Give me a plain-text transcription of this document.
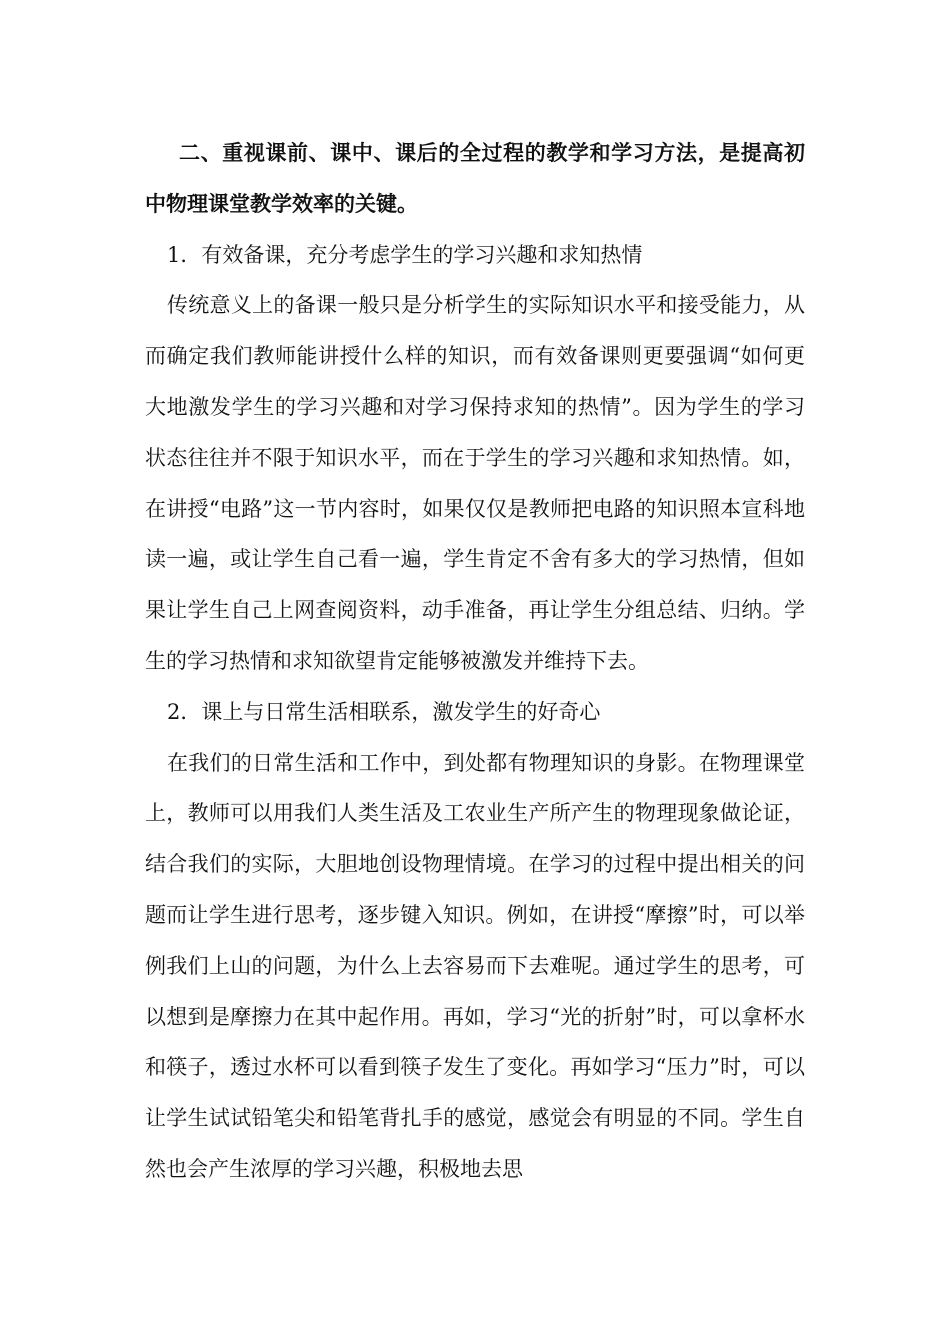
二、重视课前、课中、课后的全过程的教学和学习方法，是提高初中物理课堂教学效率的关键。

1．有效备课，充分考虑学生的学习兴趣和求知热情

传统意义上的备课一般只是分析学生的实际知识水平和接受能力，从而确定我们教师能讲授什么样的知识，而有效备课则更要强调“如何更大地激发学生的学习兴趣和对学习保持求知的热情”。因为学生的学习状态往往并不限于知识水平，而在于学生的学习兴趣和求知热情。如，在讲授“电路”这一节内容时，如果仅仅是教师把电路的知识照本宣科地读一遍，或让学生自己看一遍，学生肯定不舍有多大的学习热情，但如果让学生自己上网查阅资料，动手准备，再让学生分组总结、归纳。学生的学习热情和求知欲望肯定能够被激发并维持下去。

2．课上与日常生活相联系，激发学生的好奇心

在我们的日常生活和工作中，到处都有物理知识的身影。在物理课堂上，教师可以用我们人类生活及工农业生产所产生的物理现象做论证，结合我们的实际，大胆地创设物理情境。在学习的过程中提出相关的问题而让学生进行思考，逐步键入知识。例如，在讲授“摩擦”时，可以举例我们上山的问题，为什么上去容易而下去难呢。通过学生的思考，可以想到是摩擦力在其中起作用。再如，学习“光的折射”时，可以拿杯水和筷子，透过水杯可以看到筷子发生了变化。再如学习“压力”时，可以让学生试试铅笔尖和铅笔背扎手的感觉，感觉会有明显的不同。学生自然也会产生浓厚的学习兴趣，积极地去思
